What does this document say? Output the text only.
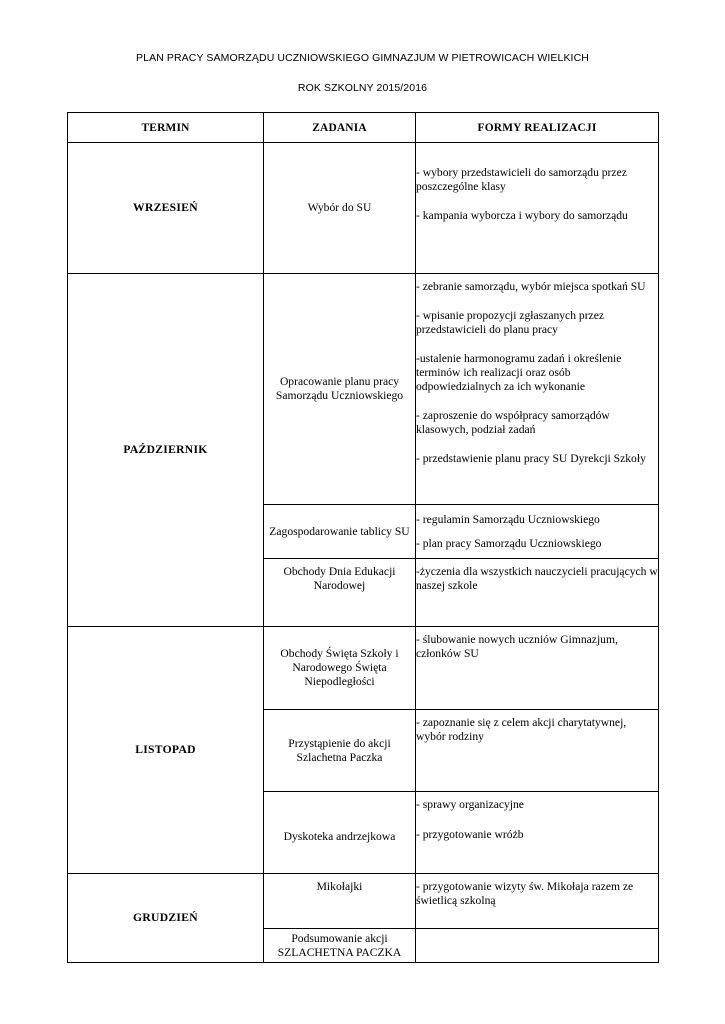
PLAN PRACY SAMORZĄDU UCZNIOWSKIEGO GIMNAZJUM W PIETROWICACH WIELKICH
ROK SZKOLNY 2015/2016
TERMIN	ZADANIA	FORMY REALIZACJI
WRZESIEŃ	Wybór do SU	- wybory przedstawicieli do samorządu przez poszczególne klasy

- kampania wyborcza i wybory do samorządu

PAŹDZIERNIK	Opracowanie planu pracy Samorządu Uczniowskiego	- zebranie samorządu, wybór miejsca spotkań SU

- wpisanie propozycji zgłaszanych przez przedstawicieli do planu pracy

-ustalenie harmonogramu zadań i określenie terminów ich realizacji oraz osób odpowiedzialnych za ich wykonanie

- zaproszenie do współpracy samorządów klasowych, podział zadań

- przedstawienie planu pracy SU Dyrekcji Szkoły

	Zagospodarowanie tablicy SU	- regulamin Samorządu Uczniowskiego

- plan pracy Samorządu Uczniowskiego

	Obchody Dnia Edukacji Narodowej	-życzenia dla wszystkich nauczycieli pracujących w naszej szkole

LISTOPAD	Obchody Święta Szkoły i Narodowego Święta Niepodległości	- ślubowanie nowych uczniów Gimnazjum, członków SU

	Przystąpienie do akcji Szlachetna Paczka	- zapoznanie się z celem akcji charytatywnej, wybór rodziny

	Dyskoteka andrzejkowa	- sprawy organizacyjne

- przygotowanie wróżb

GRUDZIEŃ	Mikołajki	- przygotowanie wizyty św. Mikołaja razem ze świetlicą szkolną

	Podsumowanie akcji SZLACHETNA PACZKA	
